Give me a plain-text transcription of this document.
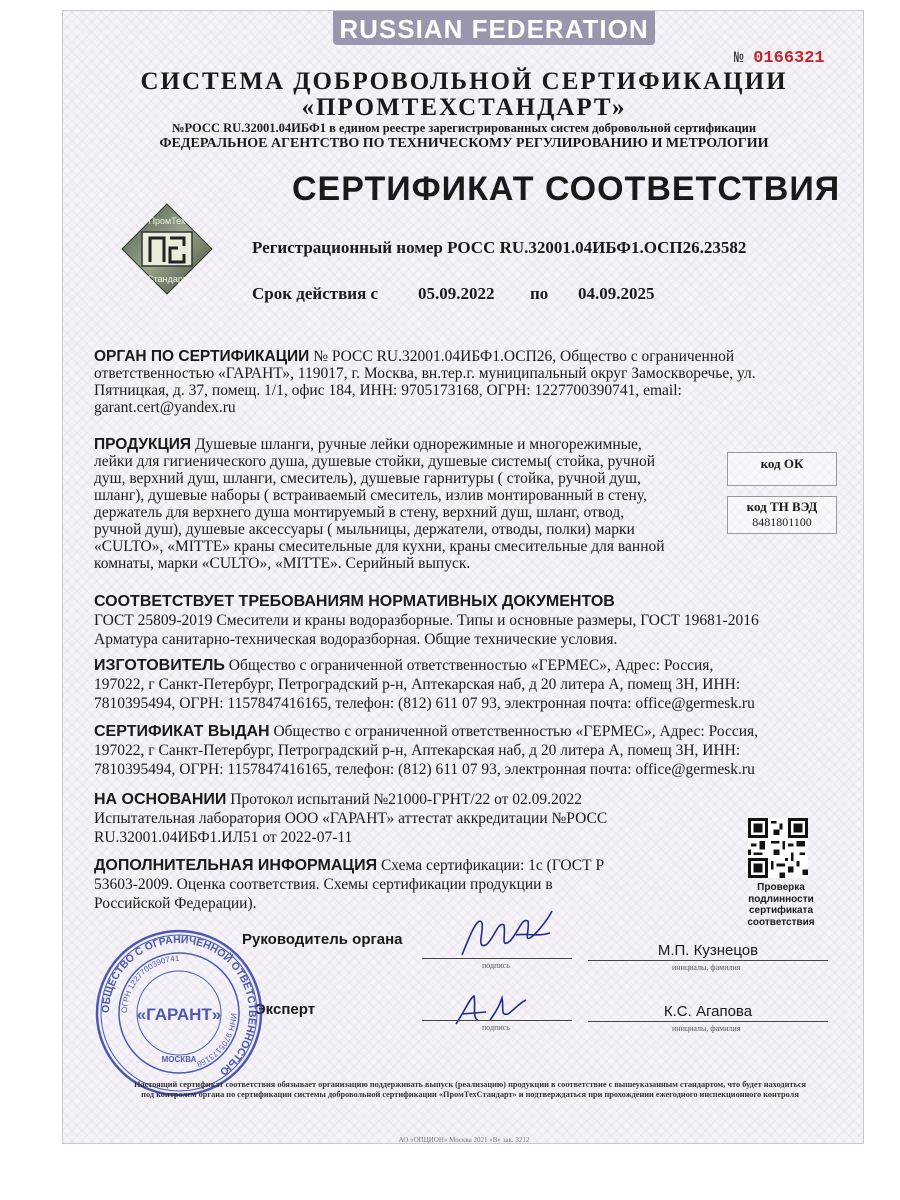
RUSSIAN FEDERATION
№ 0166321
СИСТЕМА ДОБРОВОЛЬНОЙ СЕРТИФИКАЦИИ
«ПРОМТЕХСТАНДАРТ»
№РОСС RU.32001.04ИБФ1 в едином реестре зарегистрированных систем добровольной сертификации
ФЕДЕРАЛЬНОЕ АГЕНТСТВО ПО ТЕХНИЧЕСКОМУ РЕГУЛИРОВАНИЮ И МЕТРОЛОГИИ
СЕРТИФИКАТ СООТВЕТСТВИЯ
ПромТех
Стандарт
Регистрационный номер РОСС RU.32001.04ИБФ1.ОСП26.23582
Срок действия с 05.09.2022 по 04.09.2025
ОРГАН ПО СЕРТИФИКАЦИИ № РОСС RU.32001.04ИБФ1.ОСП26, Общество с ограниченной
ответственностью «ГАРАНТ», 119017, г. Москва, вн.тер.г. муниципальный округ Замоскворечье, ул.
Пятницкая, д. 37, помещ. 1/1, офис 184, ИНН: 9705173168, ОГРН: 1227700390741, email:
garant.cert@yandex.ru
ПРОДУКЦИЯ Душевые шланги, ручные лейки однорежимные и многорежимные,
лейки для гигиенического душа, душевые стойки, душевые системы( стойка, ручной
душ, верхний душ, шланги, смеситель), душевые гарнитуры ( стойка, ручной душ,
шланг), душевые наборы ( встраиваемый смеситель, излив монтированный в стену,
держатель для верхнего душа монтируемый в стену, верхний душ, шланг, отвод,
ручной душ), душевые аксессуары ( мыльницы, держатели, отводы, полки) марки
«CULTO», «MITTE» краны смесительные для кухни, краны смесительные для ванной
комнаты, марки «CULTO», «MITTE». Серийный выпуск.
код ОК
код ТН ВЭД
8481801100
СООТВЕТСТВУЕТ ТРЕБОВАНИЯМ НОРМАТИВНЫХ ДОКУМЕНТОВ
ГОСТ 25809-2019 Смесители и краны водоразборные. Типы и основные размеры, ГОСТ 19681-2016
Арматура санитарно-техническая водоразборная. Общие технические условия.
ИЗГОТОВИТЕЛЬ Общество с ограниченной ответственностью «ГЕРМЕС», Адрес: Россия,
197022, г Санкт-Петербург, Петроградский р-н, Аптекарская наб, д 20 литера А, помещ 3Н, ИНН:
7810395494, ОГРН: 1157847416165, телефон: (812) 611 07 93, электронная почта: office@germesk.ru
СЕРТИФИКАТ ВЫДАН Общество с ограниченной ответственностью «ГЕРМЕС», Адрес: Россия,
197022, г Санкт-Петербург, Петроградский р-н, Аптекарская наб, д 20 литера А, помещ 3Н, ИНН:
7810395494, ОГРН: 1157847416165, телефон: (812) 611 07 93, электронная почта: office@germesk.ru
НА ОСНОВАНИИ Протокол испытаний №21000-ГРНТ/22 от 02.09.2022
Испытательная лаборатория ООО «ГАРАНТ» аттестат аккредитации №РОСС
RU.32001.04ИБФ1.ИЛ51 от 2022-07-11
ДОПОЛНИТЕЛЬНАЯ ИНФОРМАЦИЯ Схема сертификации: 1с (ГОСТ Р
53603-2009. Оценка соответствия. Схемы сертификации продукции в
Российской Федерации).
Проверка
подлинности
сертификата
соответствия
Руководитель органа
подпись
М.П. Кузнецов
инициалы, фамилия
Эксперт
подпись
К.С. Агапова
инициалы, фамилия
ОБЩЕСТВО С ОГРАНИЧЕННОЙ ОТВЕТСТВЕННОСТЬЮ
ОГРН 1227700390741
ИНН 9705173168
«ГАРАНТ»
МОСКВА
Настоящий сертификат соответствия обязывает организацию поддерживать выпуск (реализацию) продукции в соответствие с вышеуказанным стандартом, что будет находиться
под контролем органа по сертификации системы добровольной сертификации «ПромТехСтандарт» и подтверждаться при прохождении ежегодного инспекционного контроля
АО «ОПЦИОН» Москва 2021 «В» зак. 3212
